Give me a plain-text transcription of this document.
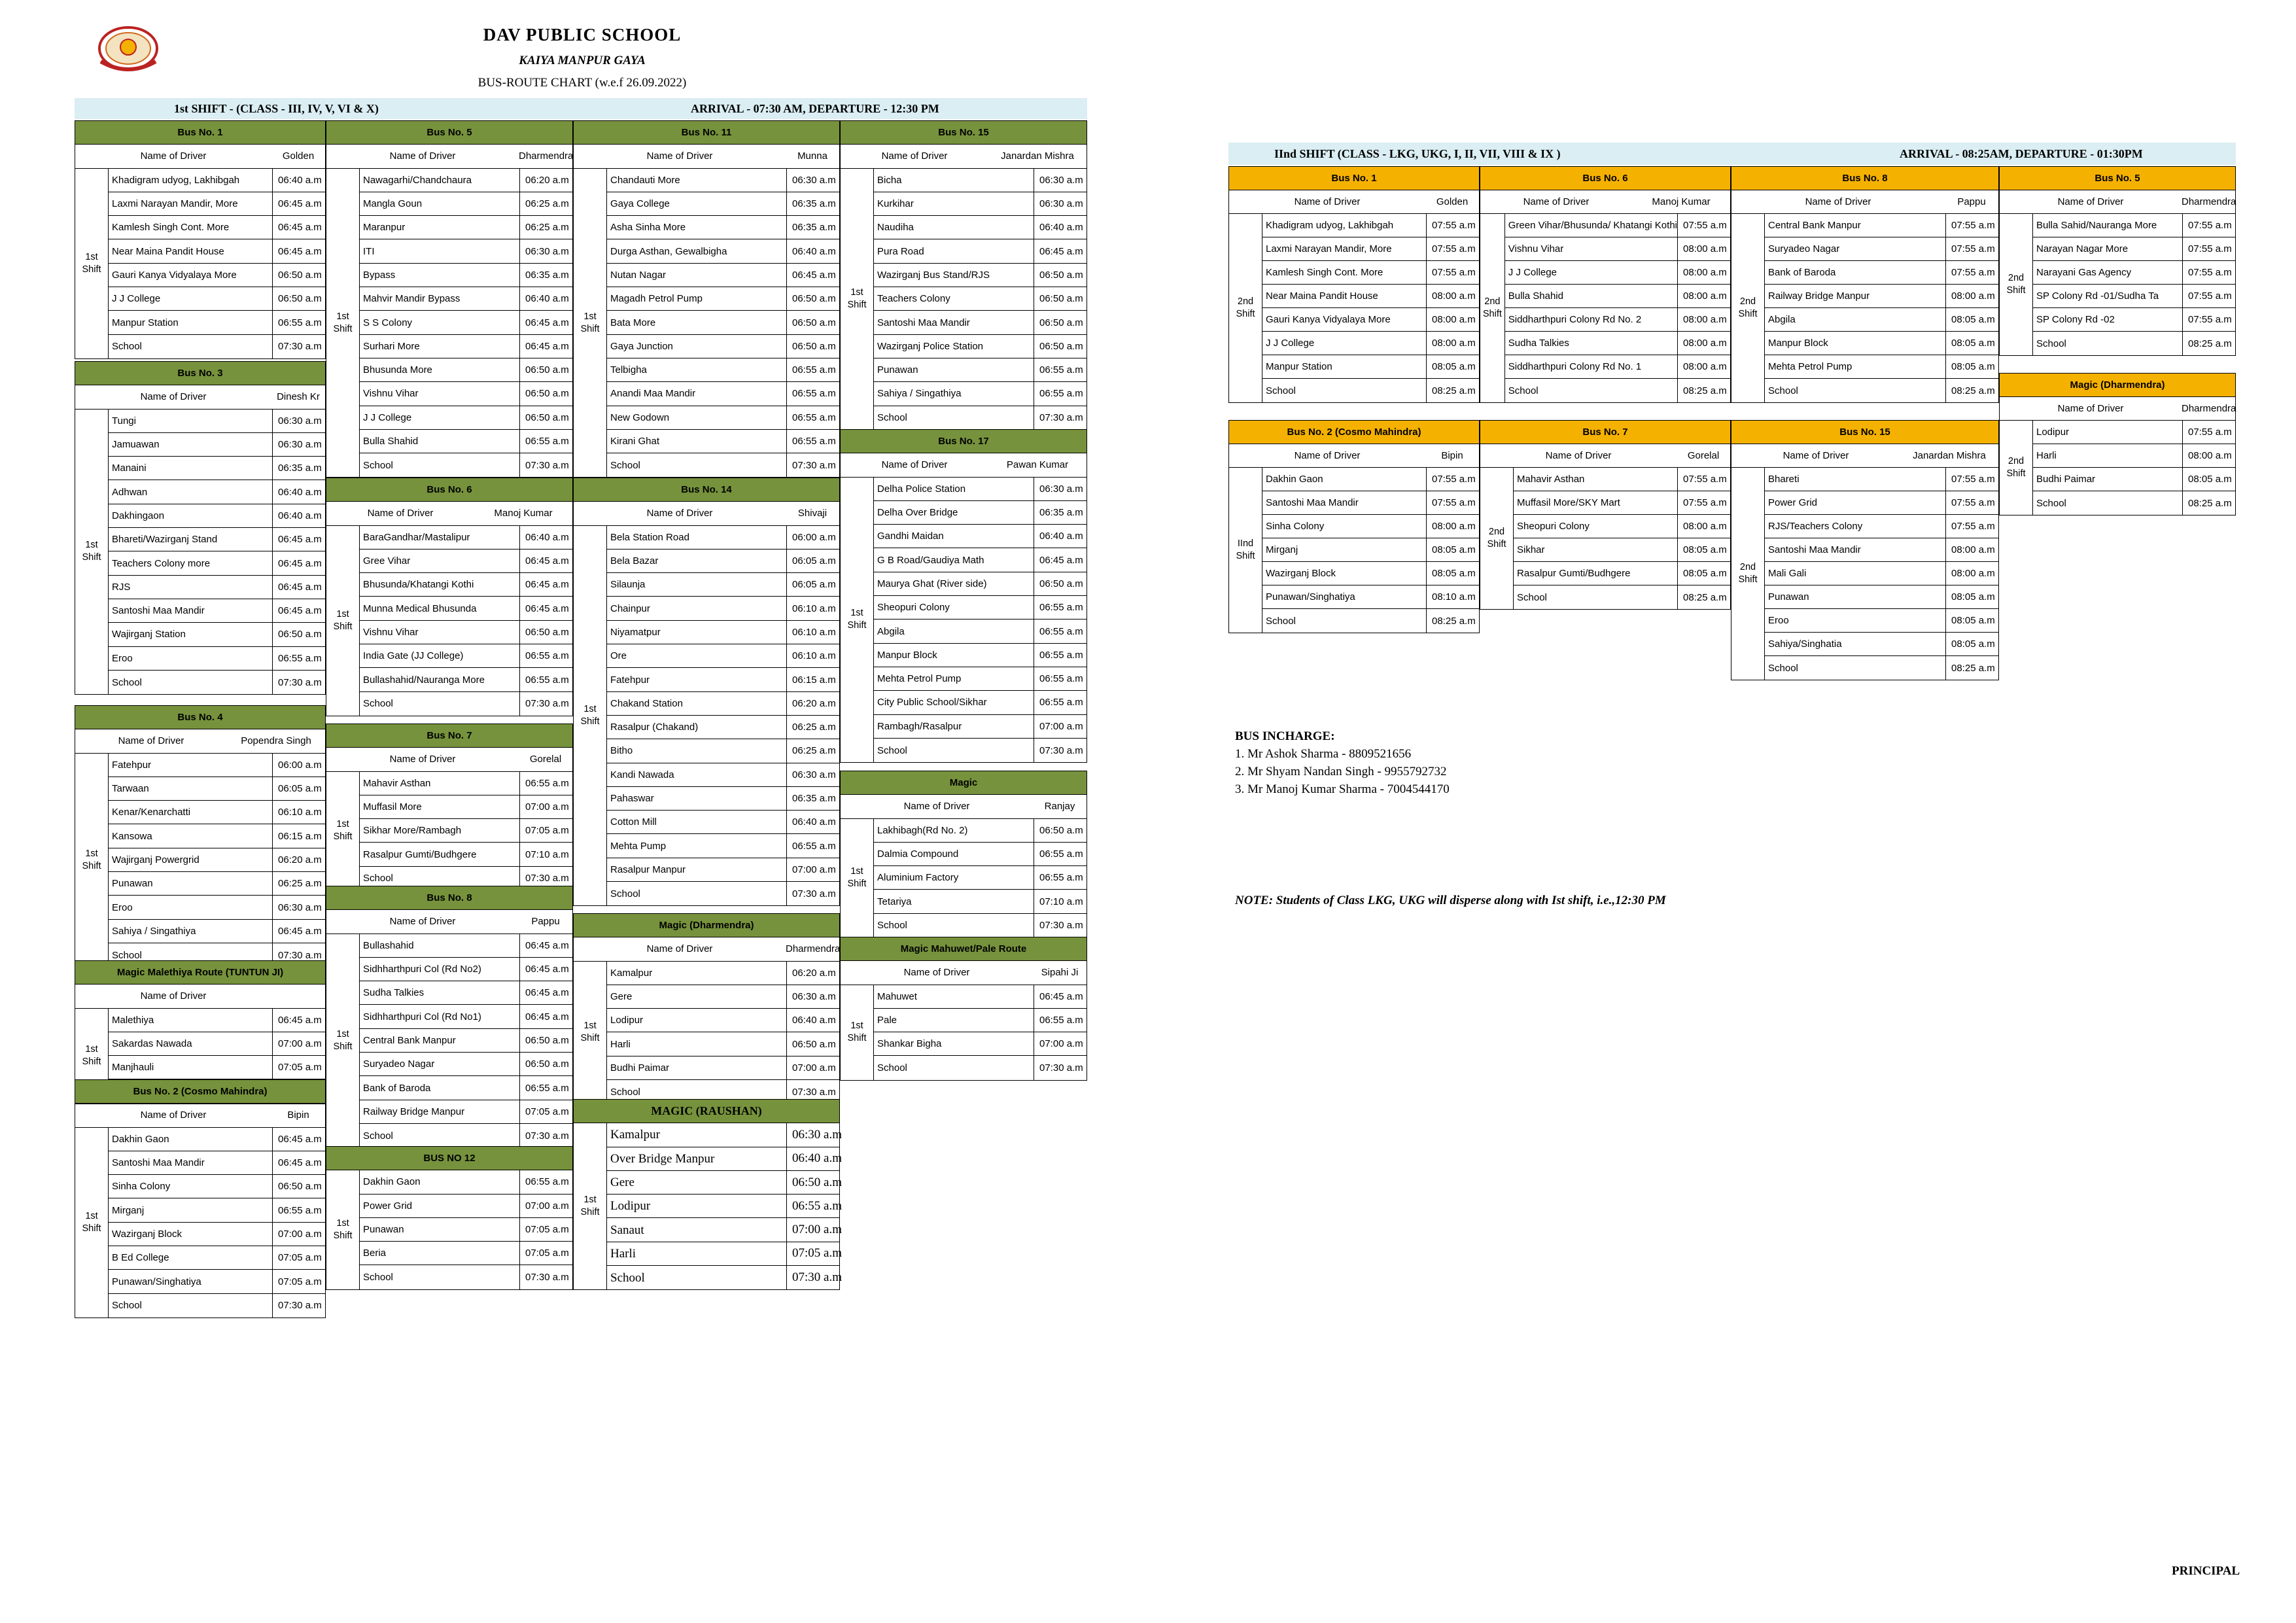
DAV PUBLIC SCHOOL
KAIYA MANPUR GAYA
BUS-ROUTE CHART (w.e.f 26.09.2022)
1st SHIFT - (CLASS - III, IV, V, VI & X)	ARRIVAL - 07:30 AM, DEPARTURE - 12:30 PM
IInd SHIFT (CLASS - LKG, UKG, I, II, VII, VIII & IX )	ARRIVAL - 08:25AM, DEPARTURE - 01:30PM
Bus No. 1
Name of Driver	Golden
1st
Shift
Khadigram udyog, Lakhibgah	06:40 a.m
Laxmi Narayan Mandir, More	06:45 a.m
Kamlesh Singh Cont. More	06:45 a.m
Near Maina Pandit House	06:45 a.m
Gauri Kanya Vidyalaya More	06:50 a.m
J J College	06:50 a.m
Manpur Station	06:55 a.m
School	07:30 a.m
Bus No. 3
Name of Driver	Dinesh Kr
1st
Shift
Tungi	06:30 a.m
Jamuawan	06:30 a.m
Manaini	06:35 a.m
Adhwan	06:40 a.m
Dakhingaon	06:40 a.m
Bhareti/Wazirganj Stand	06:45 a.m
Teachers Colony more	06:45 a.m
RJS	06:45 a.m
Santoshi Maa Mandir	06:45 a.m
Wajirganj Station	06:50 a.m
Eroo	06:55 a.m
School	07:30 a.m
Bus No. 4
Name of Driver	Popendra Singh
1st
Shift
Fatehpur	06:00 a.m
Tarwaan	06:05 a.m
Kenar/Kenarchatti	06:10 a.m
Kansowa	06:15 a.m
Wajirganj Powergrid	06:20 a.m
Punawan	06:25 a.m
Eroo	06:30 a.m
Sahiya / Singathiya	06:45 a.m
School	07:30 a.m
Magic Malethiya Route (TUNTUN JI)
Name of Driver
1st
Shift
Malethiya	06:45 a.m
Sakardas Nawada	07:00 a.m
Manjhauli	07:05 a.m
Bus No. 2 (Cosmo Mahindra)
Name of Driver	Bipin
1st
Shift
Dakhin Gaon	06:45 a.m
Santoshi Maa Mandir	06:45 a.m
Sinha Colony	06:50 a.m
Mirganj	06:55 a.m
Wazirganj Block	07:00 a.m
B Ed College	07:05 a.m
Punawan/Singhatiya	07:05 a.m
School	07:30 a.m
Bus No. 5
Name of Driver	Dharmendra
1st
Shift
Nawagarhi/Chandchaura	06:20 a.m
Mangla Goun	06:25 a.m
Maranpur	06:25 a.m
ITI	06:30 a.m
Bypass	06:35 a.m
Mahvir Mandir Bypass	06:40 a.m
S S Colony	06:45 a.m
Surhari More	06:45 a.m
Bhusunda More	06:50 a.m
Vishnu Vihar	06:50 a.m
J J College	06:50 a.m
Bulla Shahid	06:55 a.m
School	07:30 a.m
Bus No. 6
Name of Driver	Manoj Kumar
1st
Shift
BaraGandhar/Mastalipur	06:40 a.m
Gree Vihar	06:45 a.m
Bhusunda/Khatangi Kothi	06:45 a.m
Munna Medical Bhusunda	06:45 a.m
Vishnu Vihar	06:50 a.m
India Gate (JJ College)	06:55 a.m
Bullashahid/Nauranga More	06:55 a.m
School	07:30 a.m
Bus No. 7
Name of Driver	Gorelal
1st
Shift
Mahavir Asthan	06:55 a.m
Muffasil More	07:00 a.m
Sikhar More/Rambagh	07:05 a.m
Rasalpur Gumti/Budhgere	07:10 a.m
School	07:30 a.m
Bus No. 8
Name of Driver	Pappu
1st
Shift
Bullashahid	06:45 a.m
Sidhharthpuri Col (Rd No2)	06:45 a.m
Sudha Talkies	06:45 a.m
Sidhharthpuri Col (Rd No1)	06:45 a.m
Central Bank Manpur	06:50 a.m
Suryadeo Nagar	06:50 a.m
Bank of Baroda	06:55 a.m
Railway Bridge Manpur	07:05 a.m
School	07:30 a.m
BUS NO 12
1st
Shift
Dakhin Gaon	06:55 a.m
Power Grid	07:00 a.m
Punawan	07:05 a.m
Beria	07:05 a.m
School	07:30 a.m
Bus No. 11
Name of Driver	Munna
1st
Shift
Chandauti More	06:30 a.m
Gaya College	06:35 a.m
Asha Sinha More	06:35 a.m
Durga Asthan, Gewalbigha	06:40 a.m
Nutan Nagar	06:45 a.m
Magadh Petrol Pump	06:50 a.m
Bata More	06:50 a.m
Gaya Junction	06:50 a.m
Telbigha	06:55 a.m
Anandi Maa Mandir	06:55 a.m
New Godown	06:55 a.m
Kirani Ghat	06:55 a.m
School	07:30 a.m
Bus No. 14
Name of Driver	Shivaji
1st
Shift
Bela Station Road	06:00 a.m
Bela Bazar	06:05 a.m
Silaunja	06:05 a.m
Chainpur	06:10 a.m
Niyamatpur	06:10 a.m
Ore	06:10 a.m
Fatehpur	06:15 a.m
Chakand Station	06:20 a.m
Rasalpur (Chakand)	06:25 a.m
Bitho	06:25 a.m
Kandi Nawada	06:30 a.m
Pahaswar	06:35 a.m
Cotton Mill	06:40 a.m
Mehta Pump	06:55 a.m
Rasalpur Manpur	07:00 a.m
School	07:30 a.m
Magic (Dharmendra)
Name of Driver	Dharmendra
1st
Shift
Kamalpur	06:20 a.m
Gere	06:30 a.m
Lodipur	06:40 a.m
Harli	06:50 a.m
Budhi Paimar	07:00 a.m
School	07:30 a.m
MAGIC (RAUSHAN)
1st
Shift
Kamalpur	06:30 a.m
Over Bridge Manpur	06:40 a.m
Gere	06:50 a.m
Lodipur	06:55 a.m
Sanaut	07:00 a.m
Harli	07:05 a.m
School	07:30 a.m
Bus No. 15
Name of Driver	Janardan Mishra
1st
Shift
Bicha	06:30 a.m
Kurkihar	06:30 a.m
Naudiha	06:40 a.m
Pura Road	06:45 a.m
Wazirganj Bus Stand/RJS	06:50 a.m
Teachers Colony	06:50 a.m
Santoshi Maa Mandir	06:50 a.m
Wazirganj Police Station	06:50 a.m
Punawan	06:55 a.m
Sahiya / Singathiya	06:55 a.m
School	07:30 a.m
Bus No. 17
Name of Driver	Pawan Kumar
1st
Shift
Delha Police Station	06:30 a.m
Delha Over Bridge	06:35 a.m
Gandhi Maidan	06:40 a.m
G B Road/Gaudiya Math	06:45 a.m
Maurya Ghat (River side)	06:50 a.m
Sheopuri Colony	06:55 a.m
Abgila	06:55 a.m
Manpur Block	06:55 a.m
Mehta Petrol Pump	06:55 a.m
City Public School/Sikhar	06:55 a.m
Rambagh/Rasalpur	07:00 a.m
School	07:30 a.m
Magic
Name of Driver	Ranjay
1st
Shift
Lakhibagh(Rd No. 2)	06:50 a.m
Dalmia Compound	06:55 a.m
Aluminium Factory	06:55 a.m
Tetariya	07:10 a.m
School	07:30 a.m
Magic Mahuwet/Pale Route
Name of Driver	Sipahi Ji
1st
Shift
Mahuwet	06:45 a.m
Pale	06:55 a.m
Shankar Bigha	07:00 a.m
School	07:30 a.m
Bus No. 1
Name of Driver	Golden
2nd
Shift
Khadigram udyog, Lakhibgah	07:55 a.m
Laxmi Narayan Mandir, More	07:55 a.m
Kamlesh Singh Cont. More	07:55 a.m
Near Maina Pandit House	08:00 a.m
Gauri Kanya Vidyalaya More	08:00 a.m
J J College	08:00 a.m
Manpur Station	08:05 a.m
School	08:25 a.m
Bus No. 2 (Cosmo Mahindra)
Name of Driver	Bipin
IInd
Shift
Dakhin Gaon	07:55 a.m
Santoshi Maa Mandir	07:55 a.m
Sinha Colony	08:00 a.m
Mirganj	08:05 a.m
Wazirganj Block	08:05 a.m
Punawan/Singhatiya	08:10 a.m
School	08:25 a.m
Bus No. 6
Name of Driver	Manoj Kumar
2nd
Shift
Green Vihar/Bhusunda/ Khatangi Kothi 07:55 a.m
Vishnu Vihar	08:00 a.m
J J College	08:00 a.m
Bulla Shahid	08:00 a.m
Siddharthpuri Colony Rd No. 2	08:00 a.m
Sudha Talkies	08:00 a.m
Siddharthpuri Colony Rd No. 1	08:00 a.m
School	08:25 a.m
Bus No. 7
Name of Driver	Gorelal
2nd
Shift
Mahavir Asthan	07:55 a.m
Muffasil More/SKY Mart	07:55 a.m
Sheopuri Colony	08:00 a.m
Sikhar	08:05 a.m
Rasalpur Gumti/Budhgere	08:05 a.m
School	08:25 a.m
Bus No. 8
Name of Driver	Pappu
2nd
Shift
Central Bank Manpur	07:55 a.m
Suryadeo Nagar	07:55 a.m
Bank of Baroda	07:55 a.m
Railway Bridge Manpur	08:00 a.m
Abgila	08:05 a.m
Manpur Block	08:05 a.m
Mehta Petrol Pump	08:05 a.m
School	08:25 a.m
Bus No. 15
Name of Driver	Janardan Mishra
2nd
Shift
Bhareti	07:55 a.m
Power Grid	07:55 a.m
RJS/Teachers Colony	07:55 a.m
Santoshi Maa Mandir	08:00 a.m
Mali Gali	08:00 a.m
Punawan	08:05 a.m
Eroo	08:05 a.m
Sahiya/Singhatia	08:05 a.m
School	08:25 a.m
Bus No. 5
Name of Driver	Dharmendra
2nd
Shift
Bulla Sahid/Nauranga More	07:55 a.m
Narayan Nagar More	07:55 a.m
Narayani Gas Agency	07:55 a.m
SP Colony Rd -01/Sudha Ta	07:55 a.m
SP Colony Rd -02	07:55 a.m
School	08:25 a.m
Magic (Dharmendra)
Name of Driver	Dharmendra
2nd
Shift
Lodipur	07:55 a.m
Harli	08:00 a.m
Budhi Paimar	08:05 a.m
School	08:25 a.m
BUS INCHARGE:
1. Mr Ashok Sharma - 8809521656
2. Mr Shyam Nandan Singh - 9955792732
3. Mr Manoj Kumar Sharma - 7004544170
NOTE: Students of Class LKG, UKG will disperse along with Ist shift, i.e.,12:30 PM
PRINCIPAL
